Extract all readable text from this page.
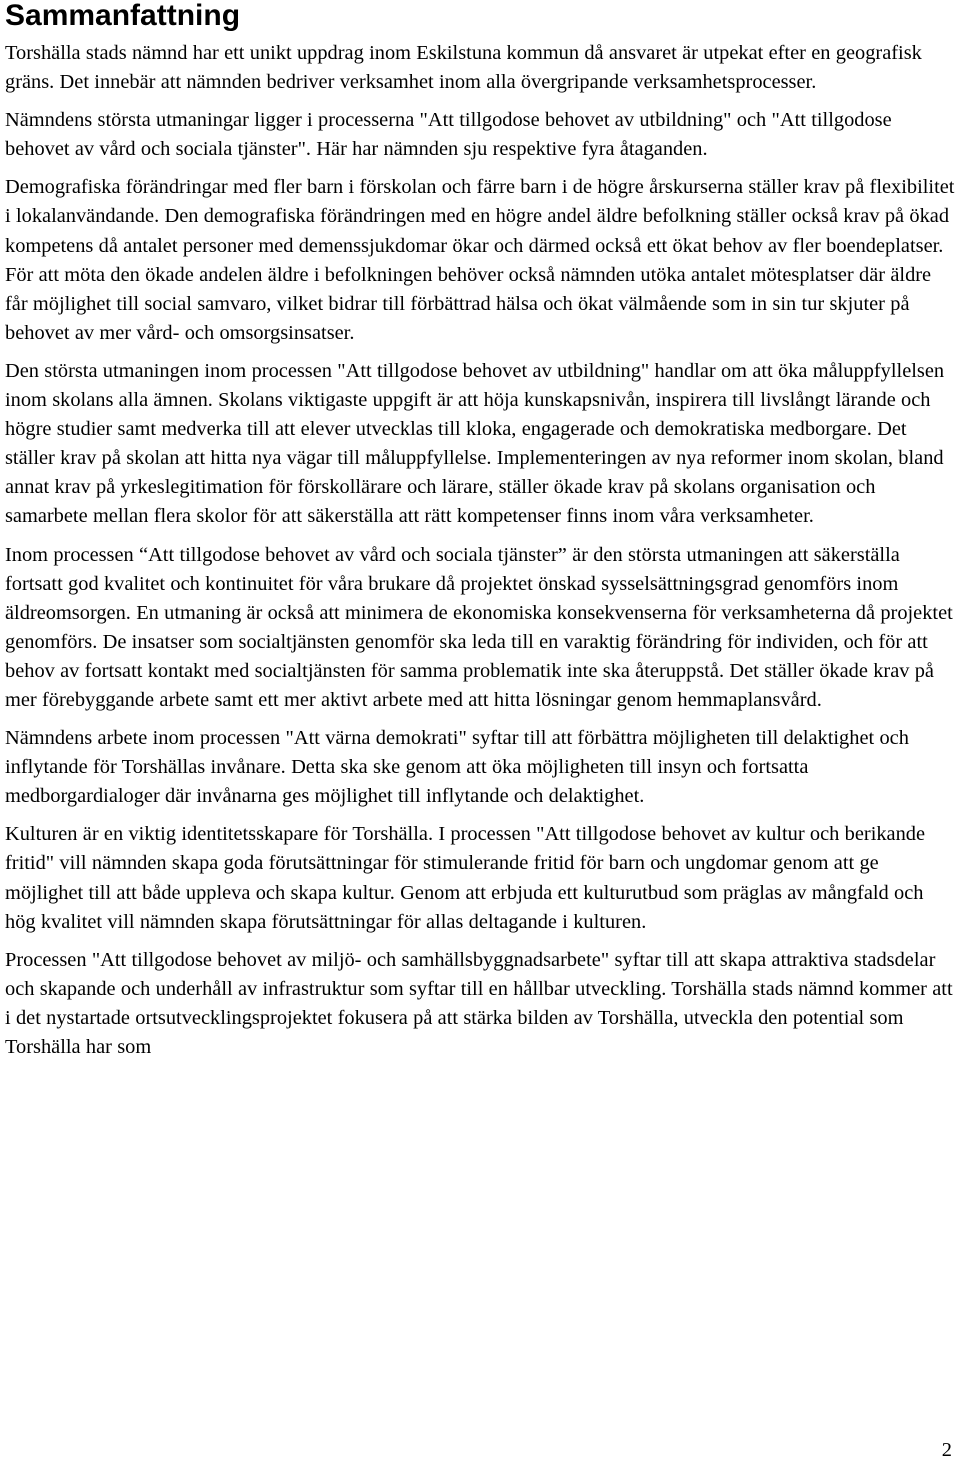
Sammanfattning

Torshälla stads nämnd har ett unikt uppdrag inom Eskilstuna kommun då ansvaret är utpekat efter en geografisk gräns. Det innebär att nämnden bedriver verksamhet inom alla övergripande verksamhetsprocesser.

Nämndens största utmaningar ligger i processerna "Att tillgodose behovet av utbildning" och "Att tillgodose behovet av vård och sociala tjänster". Här har nämnden sju respektive fyra åtaganden.

Demografiska förändringar med fler barn i förskolan och färre barn i de högre årskurserna ställer krav på flexibilitet i lokalanvändande. Den demografiska förändringen med en högre andel äldre befolkning ställer också krav på ökad kompetens då antalet personer med demenssjukdomar ökar och därmed också ett ökat behov av fler boendeplatser. För att möta den ökade andelen äldre i befolkningen behöver också nämnden utöka antalet mötesplatser där äldre får möjlighet till social samvaro, vilket bidrar till förbättrad hälsa och ökat välmående som in sin tur skjuter på behovet av mer vård- och omsorgsinsatser.

Den största utmaningen inom processen "Att tillgodose behovet av utbildning" handlar om att öka måluppfyllelsen inom skolans alla ämnen. Skolans viktigaste uppgift är att höja kunskapsnivån, inspirera till livslångt lärande och högre studier samt medverka till att elever utvecklas till kloka, engagerade och demokratiska medborgare. Det ställer krav på skolan att hitta nya vägar till måluppfyllelse. Implementeringen av nya reformer inom skolan, bland annat krav på yrkeslegitimation för förskollärare och lärare, ställer ökade krav på skolans organisation och samarbete mellan flera skolor för att säkerställa att rätt kompetenser finns inom våra verksamheter.

Inom processen “Att tillgodose behovet av vård och sociala tjänster” är den största utmaningen att säkerställa fortsatt god kvalitet och kontinuitet för våra brukare då projektet önskad sysselsättningsgrad genomförs inom äldreomsorgen. En utmaning är också att minimera de ekonomiska konsekvenserna för verksamheterna då projektet genomförs. De insatser som socialtjänsten genomför ska leda till en varaktig förändring för individen, och för att behov av fortsatt kontakt med socialtjänsten för samma problematik inte ska återuppstå. Det ställer ökade krav på mer förebyggande arbete samt ett mer aktivt arbete med att hitta lösningar genom hemmaplansvård.

Nämndens arbete inom processen "Att värna demokrati" syftar till att förbättra möjligheten till delaktighet och inflytande för Torshällas invånare. Detta ska ske genom att öka möjligheten till insyn och fortsatta medborgardialoger där invånarna ges möjlighet till inflytande och delaktighet.

Kulturen är en viktig identitetsskapare för Torshälla. I processen "Att tillgodose behovet av kultur och berikande fritid" vill nämnden skapa goda förutsättningar för stimulerande fritid för barn och ungdomar genom att ge möjlighet till att både uppleva och skapa kultur. Genom att erbjuda ett kulturutbud som präglas av mångfald och hög kvalitet vill nämnden skapa förutsättningar för allas deltagande i kulturen.

Processen "Att tillgodose behovet av miljö- och samhällsbyggnadsarbete" syftar till att skapa attraktiva stadsdelar och skapande och underhåll av infrastruktur som syftar till en hållbar utveckling. Torshälla stads nämnd kommer att i det nystartade ortsutvecklingsprojektet fokusera på att stärka bilden av Torshälla, utveckla den potential som Torshälla har som

2
